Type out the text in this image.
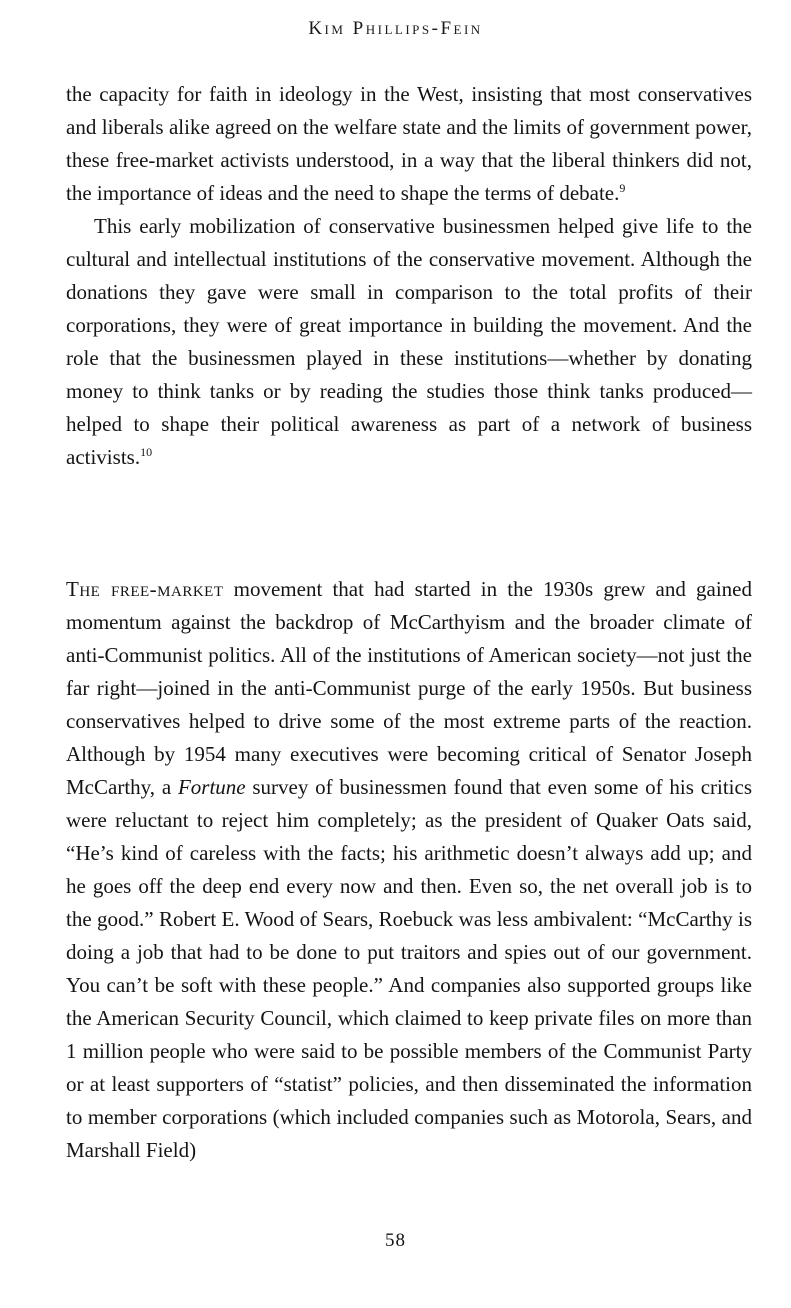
Kim Phillips-Fein

the capacity for faith in ideology in the West, insisting that most conservatives and liberals alike agreed on the welfare state and the limits of government power, these free-market activists understood, in a way that the liberal thinkers did not, the importance of ideas and the need to shape the terms of debate.$^9$

This early mobilization of conservative businessmen helped give life to the cultural and intellectual institutions of the conservative movement. Although the donations they gave were small in comparison to the total profits of their corporations, they were of great importance in building the movement. And the role that the businessmen played in these institutions—whether by donating money to think tanks or by reading the studies those think tanks produced—helped to shape their political awareness as part of a network of business activists.$^{10}$

The free-market movement that had started in the 1930s grew and gained momentum against the backdrop of McCarthyism and the broader climate of anti-Communist politics. All of the institutions of American society—not just the far right—joined in the anti-Communist purge of the early 1950s. But business conservatives helped to drive some of the most extreme parts of the reaction. Although by 1954 many executives were becoming critical of Senator Joseph McCarthy, a Fortune survey of businessmen found that even some of his critics were reluctant to reject him completely; as the president of Quaker Oats said, “He’s kind of careless with the facts; his arithmetic doesn’t always add up; and he goes off the deep end every now and then. Even so, the net overall job is to the good.” Robert E. Wood of Sears, Roebuck was less ambivalent: “McCarthy is doing a job that had to be done to put traitors and spies out of our government. You can’t be soft with these people.” And companies also supported groups like the American Security Council, which claimed to keep private files on more than 1 million people who were said to be possible members of the Communist Party or at least supporters of “statist” policies, and then disseminated the information to member corporations (which included companies such as Motorola, Sears, and Marshall Field)

58
